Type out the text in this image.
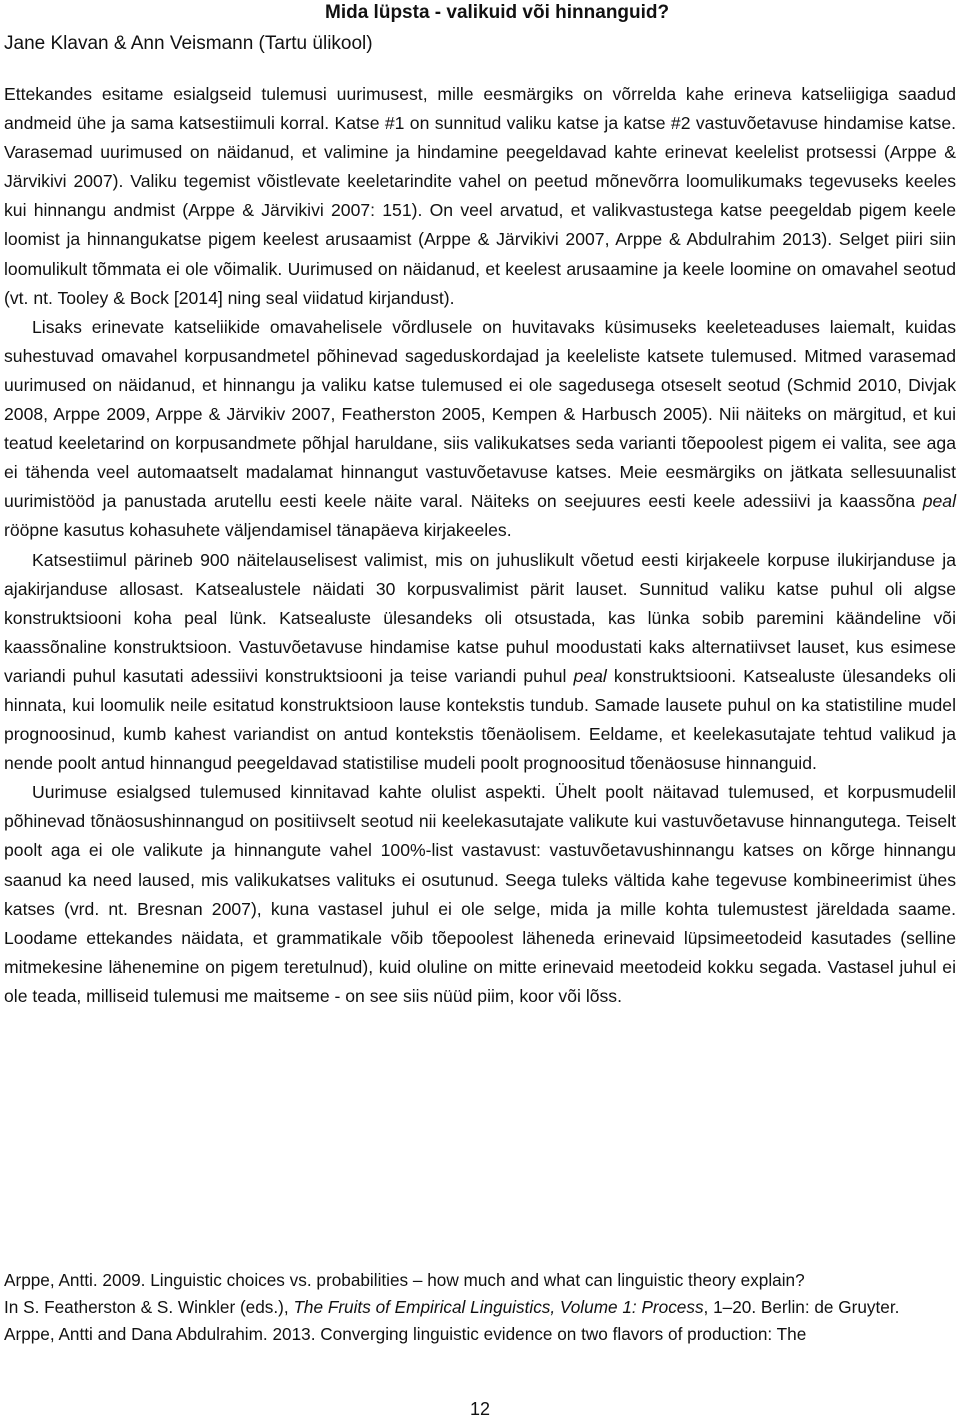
Mida lüpsta - valikuid või hinnanguid?
Jane Klavan & Ann Veismann (Tartu ülikool)

Ettekandes esitame esialgseid tulemusi uurimusest, mille eesmärgiks on võrrelda kahe erineva katseliigiga saadud andmeid ühe ja sama katsestiimuli korral. Katse #1 on sunnitud valiku katse ja katse #2 vastuvõetavuse hindamise katse. Varasemad uurimused on näidanud, et valimine ja hindamine peegeldavad kahte erinevat keelelist protsessi (Arppe & Järvikivi 2007). Valiku tegemist võistlevate keeletarindite vahel on peetud mõnevõrra loomulikumaks tegevuseks keeles kui hinnangu andmist (Arppe & Järvikivi 2007: 151). On veel arvatud, et valikvastustega katse peegeldab pigem keele loomist ja hinnangukatse pigem keelest arusaamist (Arppe & Järvikivi 2007, Arppe & Abdulrahim 2013). Selget piiri siin loomulikult tõmmata ei ole võimalik. Uurimused on näidanud, et keelest arusaamine ja keele loomine on omavahel seotud (vt. nt. Tooley & Bock [2014] ning seal viidatud kirjandust).

Lisaks erinevate katseliikide omavahelisele võrdlusele on huvitavaks küsimuseks keeleteaduses laiemalt, kuidas suhestuvad omavahel korpusandmetel põhinevad sageduskordajad ja keeleliste katsete tulemused. Mitmed varasemad uurimused on näidanud, et hinnangu ja valiku katse tulemused ei ole sagedusega otseselt seotud (Schmid 2010, Divjak 2008, Arppe 2009, Arppe & Järvikiv 2007, Featherston 2005, Kempen & Harbusch 2005). Nii näiteks on märgitud, et kui teatud keeletarind on korpusandmete põhjal haruldane, siis valikukatses seda varianti tõepoolest pigem ei valita, see aga ei tähenda veel automaatselt madalamat hinnangut vastuvõetavuse katses. Meie eesmärgiks on jätkata sellesuunalist uurimistööd ja panustada arutellu eesti keele näite varal. Näiteks on seejuures eesti keele adessiivi ja kaassõna peal rööpne kasutus kohasuhete väljendamisel tänapäeva kirjakeeles.

Katsestiimul pärineb 900 näitelauselisest valimist, mis on juhuslikult võetud eesti kirjakeele korpuse ilukirjanduse ja ajakirjanduse allosast. Katsealustele näidati 30 korpusvalimist pärit lauset. Sunnitud valiku katse puhul oli algse konstruktsiooni koha peal lünk. Katsealuste ülesandeks oli otsustada, kas lünka sobib paremini käändeline või kaassõnaline konstruktsioon. Vastuvõetavuse hindamise katse puhul moodustati kaks alternatiivset lauset, kus esimese variandi puhul kasutati adessiivi konstruktsiooni ja teise variandi puhul peal konstruktsiooni. Katsealuste ülesandeks oli hinnata, kui loomulik neile esitatud konstruktsioon lause kontekstis tundub. Samade lausete puhul on ka statistiline mudel prognoosinud, kumb kahest variandist on antud kontekstis tõenäolisem. Eeldame, et keelekasutajate tehtud valikud ja nende poolt antud hinnangud peegeldavad statistilise mudeli poolt prognoositud tõenäosuse hinnanguid.

Uurimuse esialgsed tulemused kinnitavad kahte olulist aspekti. Ühelt poolt näitavad tulemused, et korpusmudelil põhinevad tõnäosushinnangud on positiivselt seotud nii keelekasutajate valikute kui vastuvõetavuse hinnangutega. Teiselt poolt aga ei ole valikute ja hinnangute vahel 100%-list vastavust: vastuvõetavushinnangu katses on kõrge hinnangu saanud ka need laused, mis valikukatses valituks ei osutunud. Seega tuleks vältida kahe tegevuse kombineerimist ühes katses (vrd. nt. Bresnan 2007), kuna vastasel juhul ei ole selge, mida ja mille kohta tulemustest järeldada saame. Loodame ettekandes näidata, et grammatikale võib tõepoolest läheneda erinevaid lüpsimeetodeid kasutades (selline mitmekesine lähenemine on pigem teretulnud), kuid oluline on mitte erinevaid meetodeid kokku segada. Vastasel juhul ei ole teada, milliseid tulemusi me maitseme - on see siis nüüd piim, koor või lõss.

Arppe, Antti. 2009. Linguistic choices vs. probabilities – how much and what can linguistic theory explain?
In S. Featherston & S. Winkler (eds.), The Fruits of Empirical Linguistics, Volume 1: Process, 1–20. Berlin: de Gruyter.

Arppe, Antti and Dana Abdulrahim. 2013. Converging linguistic evidence on two flavors of production: The

12
